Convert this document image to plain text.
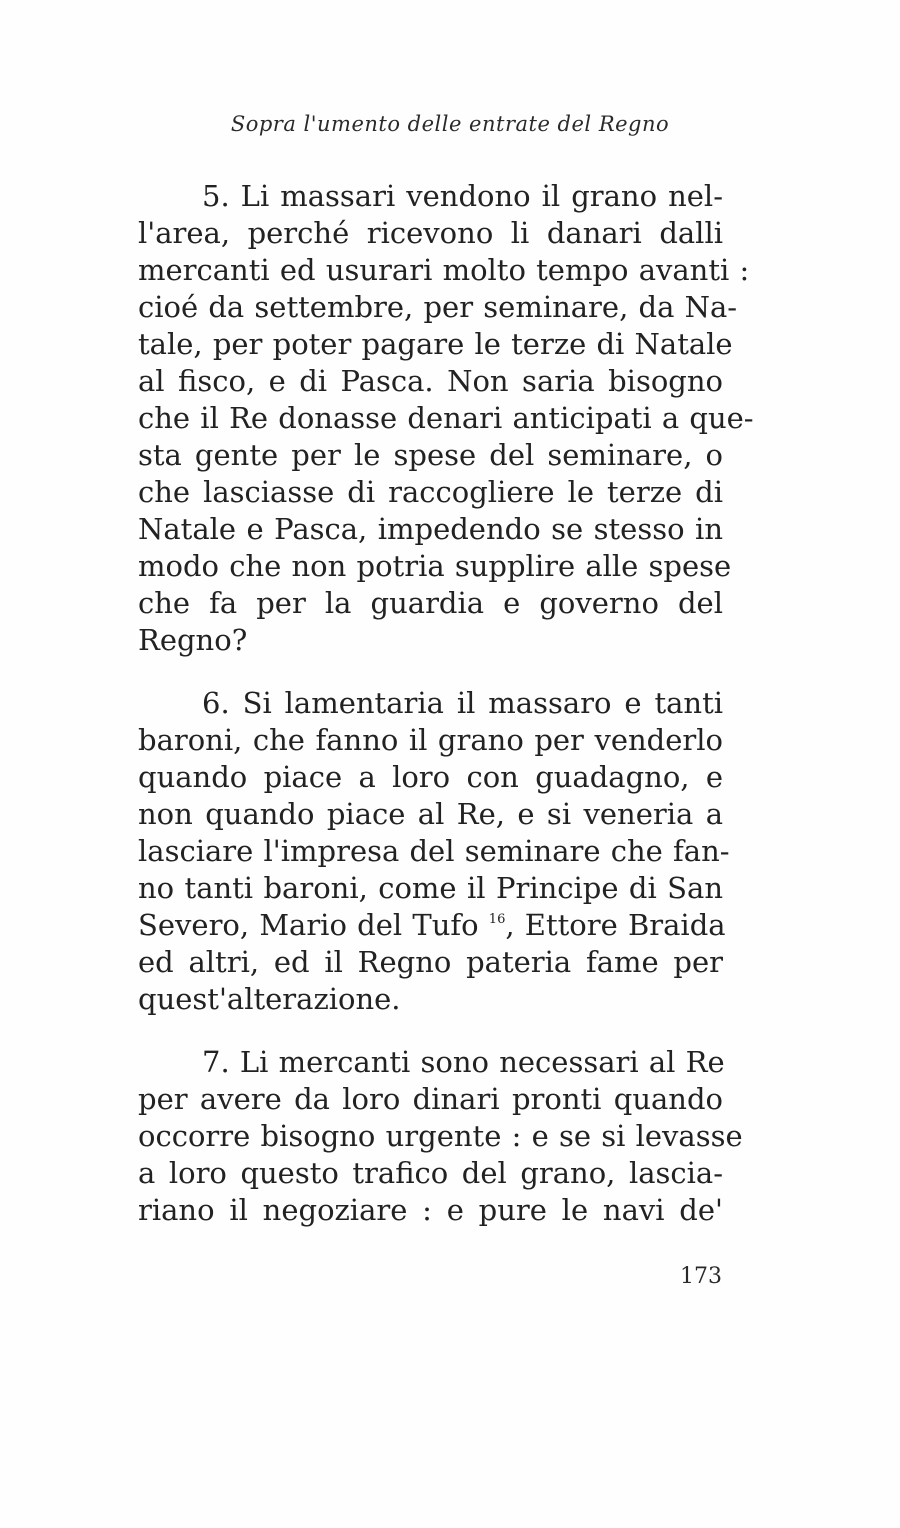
Sopra l'umento delle entrate del Regno

5. Li massari vendono il grano nel-
l'area, perché ricevono li danari dalli
mercanti ed usurari molto tempo avanti :
cioé da settembre, per seminare, da Na-
tale, per poter pagare le terze di Natale
al fisco, e di Pasca. Non saria bisogno
che il Re donasse denari anticipati a que-
sta gente per le spese del seminare, o
che lasciasse di raccogliere le terze di
Natale e Pasca, impedendo se stesso in
modo che non potria supplire alle spese
che fa per la guardia e governo del
Regno?

6. Si lamentaria il massaro e tanti
baroni, che fanno il grano per venderlo
quando piace a loro con guadagno, e
non quando piace al Re, e si veneria a
lasciare l'impresa del seminare che fan-
no tanti baroni, come il Principe di San
Severo, Mario del Tufo $^{16}$, Ettore Braida
ed altri, ed il Regno pateria fame per
quest'alterazione.

7. Li mercanti sono necessari al Re
per avere da loro dinari pronti quando
occorre bisogno urgente : e se si levasse
a loro questo trafico del grano, lascia-
riano il negoziare : e pure le navi de'

173
